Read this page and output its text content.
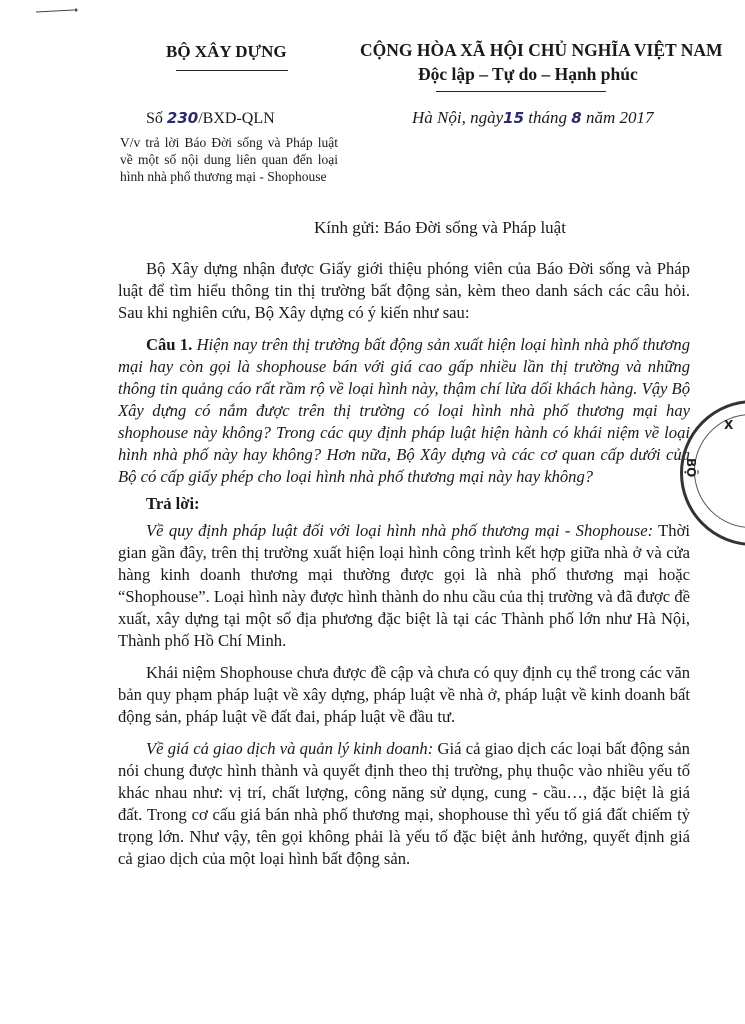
BỘ XÂY DỰNG	CỘNG HÒA XÃ HỘI CHỦ NGHĨA VIỆT NAM
Độc lập – Tự do – Hạnh phúc
Số 230/BXD-QLN
V/v trả lời Báo Đời sống và Pháp luật về một số nội dung liên quan đến loại hình nhà phố thương mại - Shophouse
Hà Nội, ngày15 tháng 8 năm 2017
Kính gửi: Báo Đời sống và Pháp luật

Bộ Xây dựng nhận được Giấy giới thiệu phóng viên của Báo Đời sống và Pháp luật để tìm hiểu thông tin thị trường bất động sản, kèm theo danh sách các câu hỏi. Sau khi nghiên cứu, Bộ Xây dựng có ý kiến như sau:

Câu 1. Hiện nay trên thị trường bất động sản xuất hiện loại hình nhà phố thương mại hay còn gọi là shophouse bán với giá cao gấp nhiều lần thị trường và những thông tin quảng cáo rất rầm rộ về loại hình này, thậm chí lừa dối khách hàng. Vậy Bộ Xây dựng có nắm được trên thị trường có loại hình nhà phố thương mại hay shophouse này không? Trong các quy định pháp luật hiện hành có khái niệm về loại hình nhà phố này hay không? Hơn nữa, Bộ Xây dựng và các cơ quan cấp dưới của Bộ có cấp giấy phép cho loại hình nhà phố thương mại này hay không?

Trả lời:

Về quy định pháp luật đối với loại hình nhà phố thương mại - Shophouse: Thời gian gần đây, trên thị trường xuất hiện loại hình công trình kết hợp giữa nhà ở và cửa hàng kinh doanh thương mại thường được gọi là nhà phố thương mại hoặc “Shophouse”. Loại hình này được hình thành do nhu cầu của thị trường và đã được đề xuất, xây dựng tại một số địa phương đặc biệt là tại các Thành phố lớn như Hà Nội, Thành phố Hồ Chí Minh.

Khái niệm Shophouse chưa được đề cập và chưa có quy định cụ thể trong các văn bản quy phạm pháp luật về xây dựng, pháp luật về nhà ở, pháp luật về kinh doanh bất động sản, pháp luật về đất đai, pháp luật về đầu tư.

Về giá cả giao dịch và quản lý kinh doanh: Giá cả giao dịch các loại bất động sản nói chung được hình thành và quyết định theo thị trường, phụ thuộc vào nhiều yếu tố khác nhau như: vị trí, chất lượng, công năng sử dụng, cung - cầu…, đặc biệt là giá đất. Trong cơ cấu giá bán nhà phố thương mại, shophouse thì yếu tố giá đất chiếm tỷ trọng lớn. Như vậy, tên gọi không phải là yếu tố đặc biệt ảnh hưởng, quyết định giá cả giao dịch của một loại hình bất động sản.

X
BỘ
